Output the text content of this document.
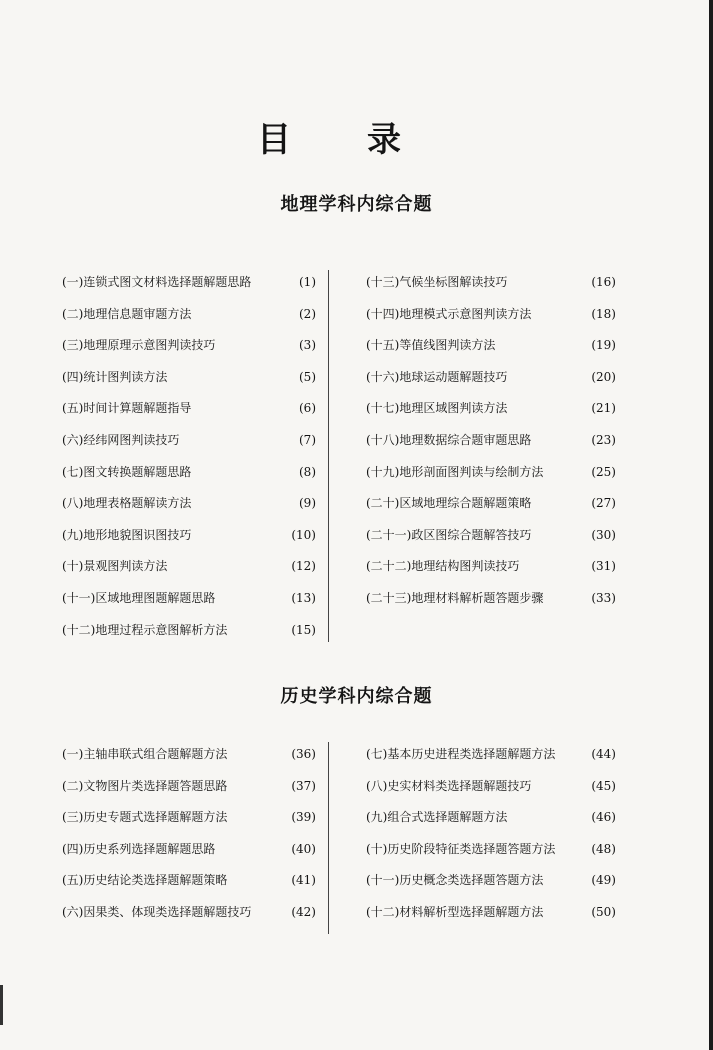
目 录
地理学科内综合题
(一)连锁式图文材料选择题解题思路	(1)
(二)地理信息题审题方法	(2)
(三)地理原理示意图判读技巧	(3)
(四)统计图判读方法	(5)
(五)时间计算题解题指导	(6)
(六)经纬网图判读技巧	(7)
(七)图文转换题解题思路	(8)
(八)地理表格题解读方法	(9)
(九)地形地貌图识图技巧	(10)
(十)景观图判读方法	(12)
(十一)区域地理图题解题思路	(13)
(十二)地理过程示意图解析方法	(15)
(十三)气候坐标图解读技巧	(16)
(十四)地理模式示意图判读方法	(18)
(十五)等值线图判读方法	(19)
(十六)地球运动题解题技巧	(20)
(十七)地理区域图判读方法	(21)
(十八)地理数据综合题审题思路	(23)
(十九)地形剖面图判读与绘制方法	(25)
(二十)区域地理综合题解题策略	(27)
(二十一)政区图综合题解答技巧	(30)
(二十二)地理结构图判读技巧	(31)
(二十三)地理材料解析题答题步骤	(33)
历史学科内综合题
(一)主轴串联式组合题解题方法	(36)
(二)文物图片类选择题答题思路	(37)
(三)历史专题式选择题解题方法	(39)
(四)历史系列选择题解题思路	(40)
(五)历史结论类选择题解题策略	(41)
(六)因果类、体现类选择题解题技巧	(42)
(七)基本历史进程类选择题解题方法	(44)
(八)史实材料类选择题解题技巧	(45)
(九)组合式选择题解题方法	(46)
(十)历史阶段特征类选择题答题方法	(48)
(十一)历史概念类选择题答题方法	(49)
(十二)材料解析型选择题解题方法	(50)
